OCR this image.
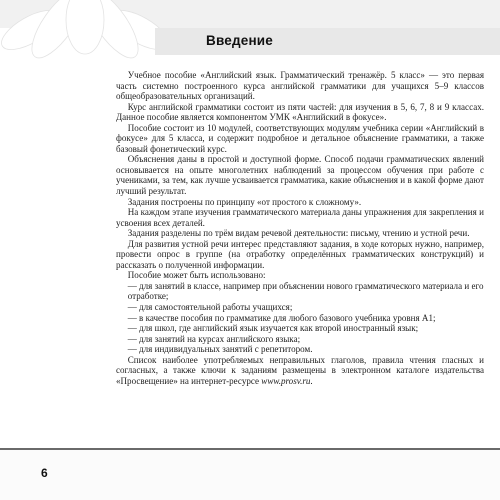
Введение

Учебное пособие «Английский язык. Грамматический тренажёр. 5 класс» — это первая часть системно построенного курса английской грамматики для учащихся 5–9 классов общеобразовательных организаций.

Курс английской грамматики состоит из пяти частей: для изучения в 5, 6, 7, 8 и 9 классах. Данное пособие является компонентом УМК «Английский в фокусе».

Пособие состоит из 10 модулей, соответствующих модулям учебника серии «Английский в фокусе» для 5 класса, и содержит подробное и детальное объяснение грамматики, а также базовый фонетический курс.

Объяснения даны в простой и доступной форме. Способ подачи грамматических явлений основывается на опыте многолетних наблюдений за процессом обучения при работе с учениками, за тем, как лучше усваивается грамматика, какие объяснения и в какой форме дают лучший результат.

Задания построены по принципу «от простого к сложному».

На каждом этапе изучения грамматического материала даны упражнения для закрепления и усвоения всех деталей.

Задания разделены по трём видам речевой деятельности: письму, чтению и устной речи.

Для развития устной речи интерес представляют задания, в ходе которых нужно, например, провести опрос в группе (на отработку определённых грамматических конструкций) и рассказать о полученной информации.

Пособие может быть использовано:

— для занятий в классе, например при объяснении нового грамматического материала и его отработке;
— для самостоятельной работы учащихся;
— в качестве пособия по грамматике для любого базового учебника уровня A1;
— для школ, где английский язык изучается как второй иностранный язык;
— для занятий на курсах английского языка;
— для индивидуальных занятий с репетитором.

Список наиболее употребляемых неправильных глаголов, правила чтения гласных и согласных, а также ключи к заданиям размещены в электронном каталоге издательства «Просвещение» на интернет-ресурсе www.prosv.ru.

6
